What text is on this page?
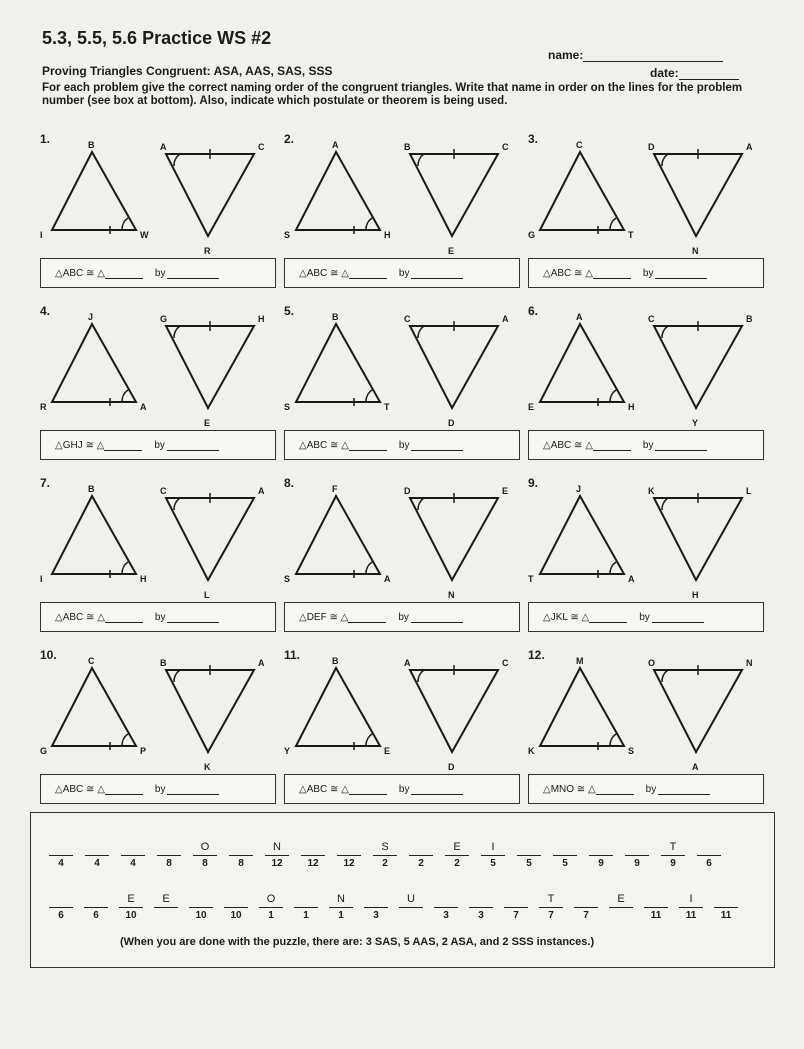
5.3, 5.5, 5.6 Practice WS #2
name:
Proving Triangles Congruent: ASA, AAS, SAS, SSS	date:
For each problem give the correct naming order of the congruent triangles. Write that name in order on the lines for the problem number (see box at bottom). Also, indicate which postulate or theorem is being used.
1.	B
I	W
A	C
R
△ABC ≅ △	by
2.	A
S	H
B	C
E
△ABC ≅ △	by
3.	C
G	T
D	A
N
△ABC ≅ △	by
4.	J
R	A
G	H
E
△GHJ ≅ △	by
5.	B
S	T
C	A
D
△ABC ≅ △	by
6.	A
E	H
C	B
Y
△ABC ≅ △	by
7.	B
I	H
C	A
L
△ABC ≅ △	by
8.	F
S	A
D	E
N
△DEF ≅ △	by
9.	J
T	A
K	L
H
△JKL ≅ △	by
10.	C
G	P
B	A
K
△ABC ≅ △	by
11.	B
Y	E
A	C
D
△ABC ≅ △	by
12.	M
K	S
O	N
A
△MNO ≅ △	by
4	4	4	8
O
8	8
N
12	12	12
S
2	2
E
2
I
5	5	5	9	9
T
9	6
6	6
E
10
E
10	10
O
1	1
N
1	3
U
3	3	7
T
7	7
E
11
I
11	11
(When you are done with the puzzle, there are: 3 SAS, 5 AAS, 2 ASA, and 2 SSS instances.)
